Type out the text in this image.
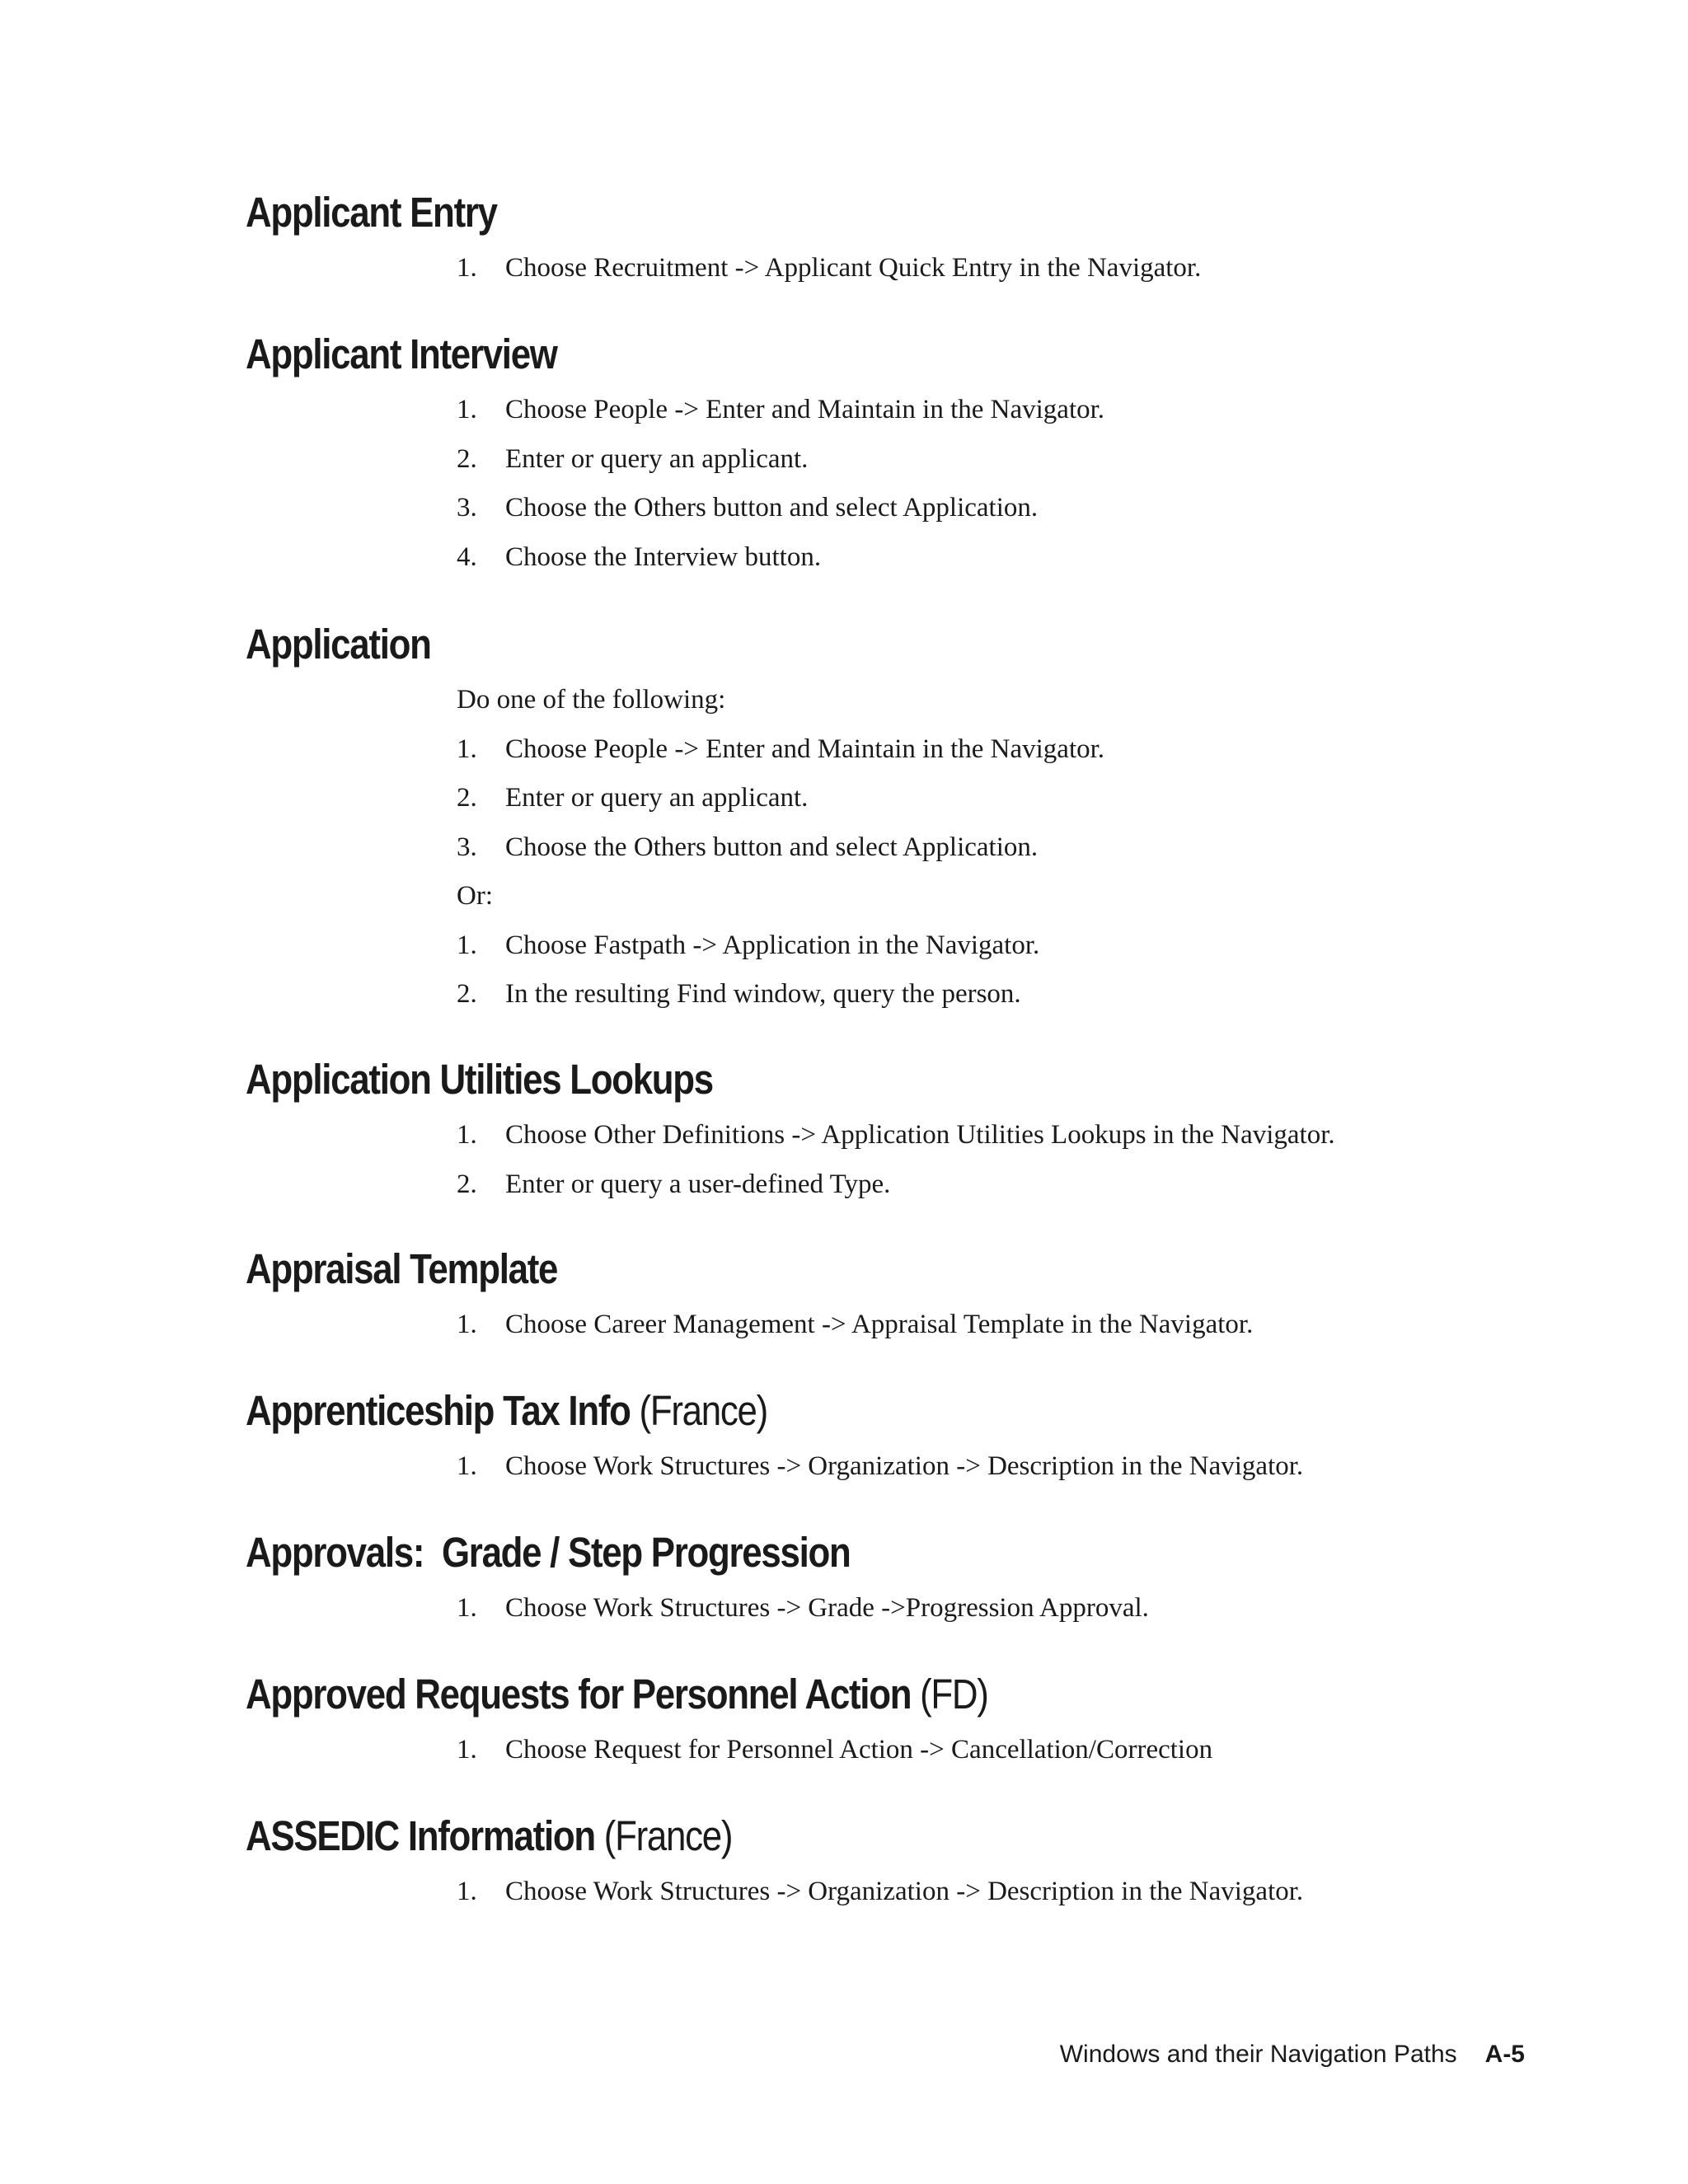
Applicant Entry
1.	Choose Recruitment -> Applicant Quick Entry in the Navigator.
Applicant Interview
1.	Choose People -> Enter and Maintain in the Navigator.
2.	Enter or query an applicant.
3.	Choose the Others button and select Application.
4.	Choose the Interview button.
Application
Do one of the following:
1.	Choose People -> Enter and Maintain in the Navigator.
2.	Enter or query an applicant.
3.	Choose the Others button and select Application.
Or:
1.	Choose Fastpath -> Application in the Navigator.
2.	In the resulting Find window, query the person.
Application Utilities Lookups
1.	Choose Other Definitions -> Application Utilities Lookups in the Navigator.
2.	Enter or query a user-defined Type.
Appraisal Template
1.	Choose Career Management -> Appraisal Template in the Navigator.
Apprenticeship Tax Info (France)
1.	Choose Work Structures -> Organization -> Description in the Navigator.
Approvals:  Grade / Step Progression
1.	Choose Work Structures -> Grade ->Progression Approval.
Approved Requests for Personnel Action (FD)
1.	Choose Request for Personnel Action -> Cancellation/Correction
ASSEDIC Information (France)
1.	Choose Work Structures -> Organization -> Description in the Navigator.
Windows and their Navigation Paths A-5
